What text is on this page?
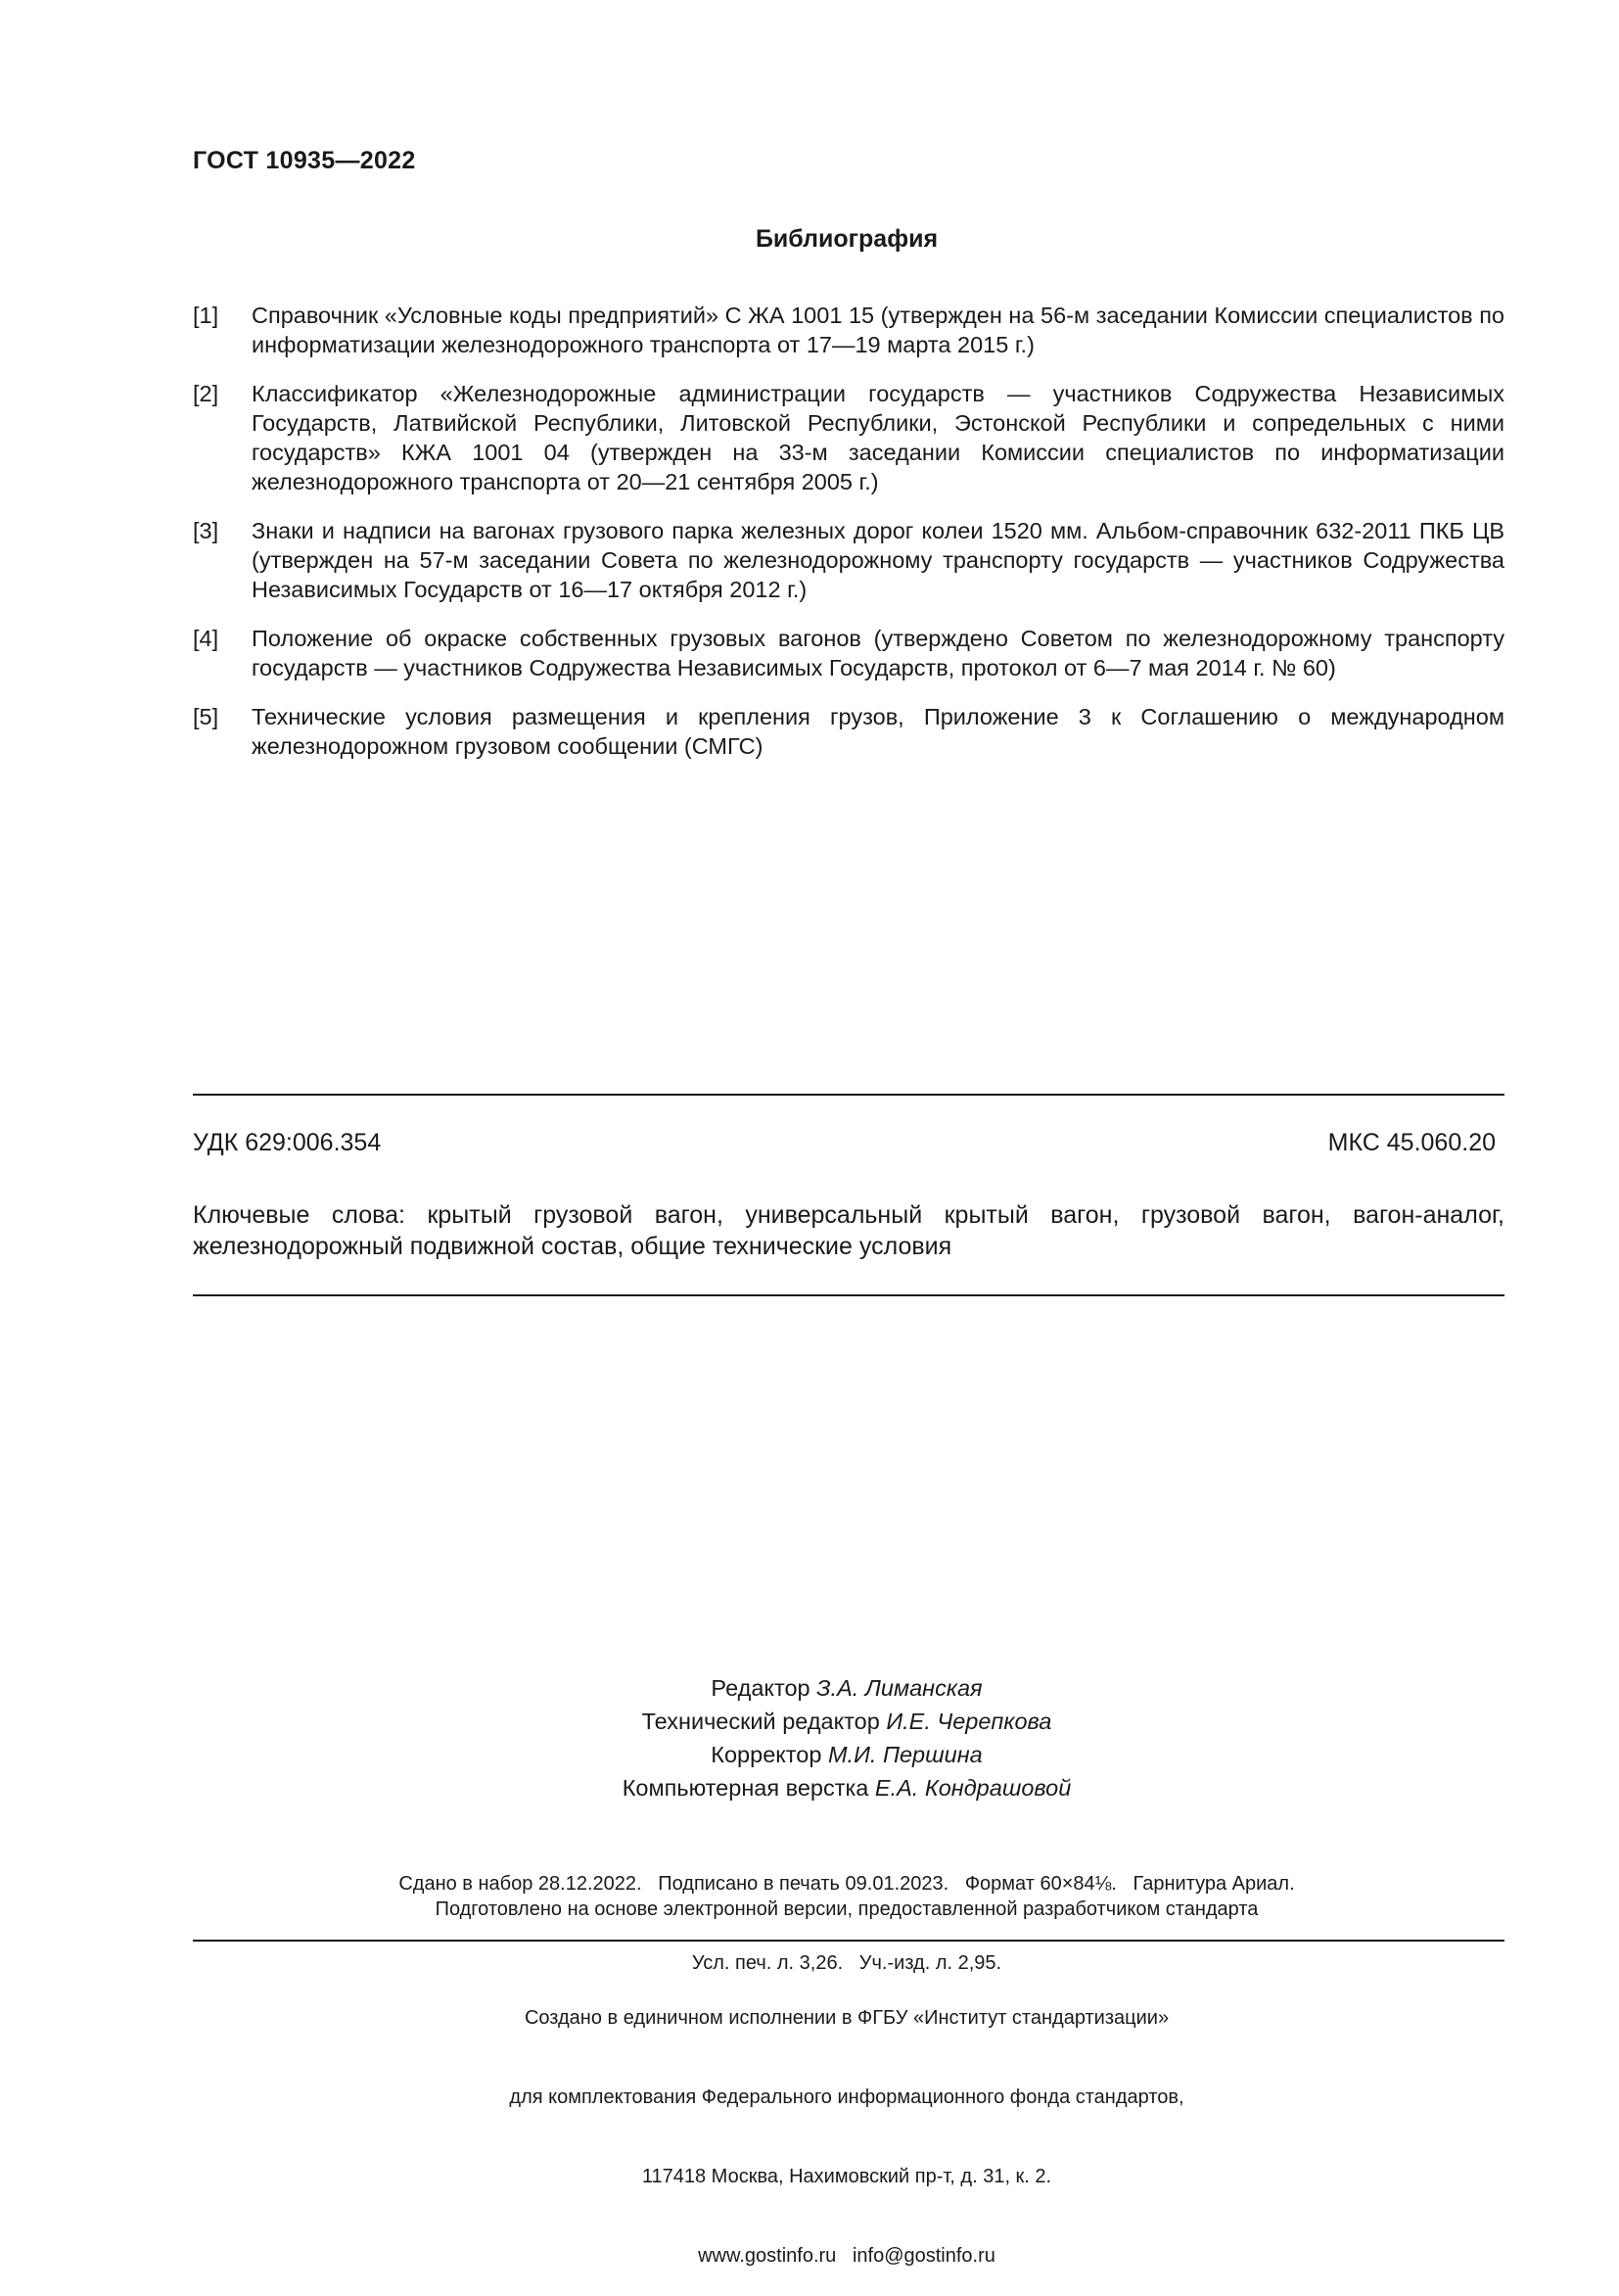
ГОСТ 10935—2022
Библиография
[1]	Справочник «Условные коды предприятий» С ЖА 1001 15 (утвержден на 56-м заседании Комиссии специалистов по информатизации железнодорожного транспорта от 17—19 марта 2015 г.)
[2]	Классификатор «Железнодорожные администрации государств — участников Содружества Независимых Государств, Латвийской Республики, Литовской Республики, Эстонской Республики и сопредельных с ними государств» КЖА 1001 04 (утвержден на 33-м заседании Комиссии специалистов по информатизации железнодорожного транспорта от 20—21 сентября 2005 г.)
[3]	Знаки и надписи на вагонах грузового парка железных дорог колеи 1520 мм. Альбом-справочник 632-2011 ПКБ ЦВ (утвержден на 57-м заседании Совета по железнодорожному транспорту государств — участников Содружества Независимых Государств от 16—17 октября 2012 г.)
[4]	Положение об окраске собственных грузовых вагонов (утверждено Советом по железнодорожному транспорту государств — участников Содружества Независимых Государств, протокол от 6—7 мая 2014 г. № 60)
[5]	Технические условия размещения и крепления грузов, Приложение 3 к Соглашению о международном железнодорожном грузовом сообщении (СМГС)
УДК 629:006.354	МКС 45.060.20
Ключевые слова: крытый грузовой вагон, универсальный крытый вагон, грузовой вагон, вагон-аналог, железнодорожный подвижной состав, общие технические условия
Редактор З.А. Лиманская
Технический редактор И.Е. Черепкова
Корректор М.И. Першина
Компьютерная верстка Е.А. Кондрашовой

Сдано в набор 28.12.2022.   Подписано в печать 09.01.2023.   Формат 60×84⅛.   Гарнитура Ариал.

Усл. печ. л. 3,26.   Уч.-изд. л. 2,95.

Подготовлено на основе электронной версии, предоставленной разработчиком стандарта

Создано в единичном исполнении в ФГБУ «Институт стандартизации»

для комплектования Федерального информационного фонда стандартов,

117418 Москва, Нахимовский пр-т, д. 31, к. 2.

www.gostinfo.ru   info@gostinfo.ru
